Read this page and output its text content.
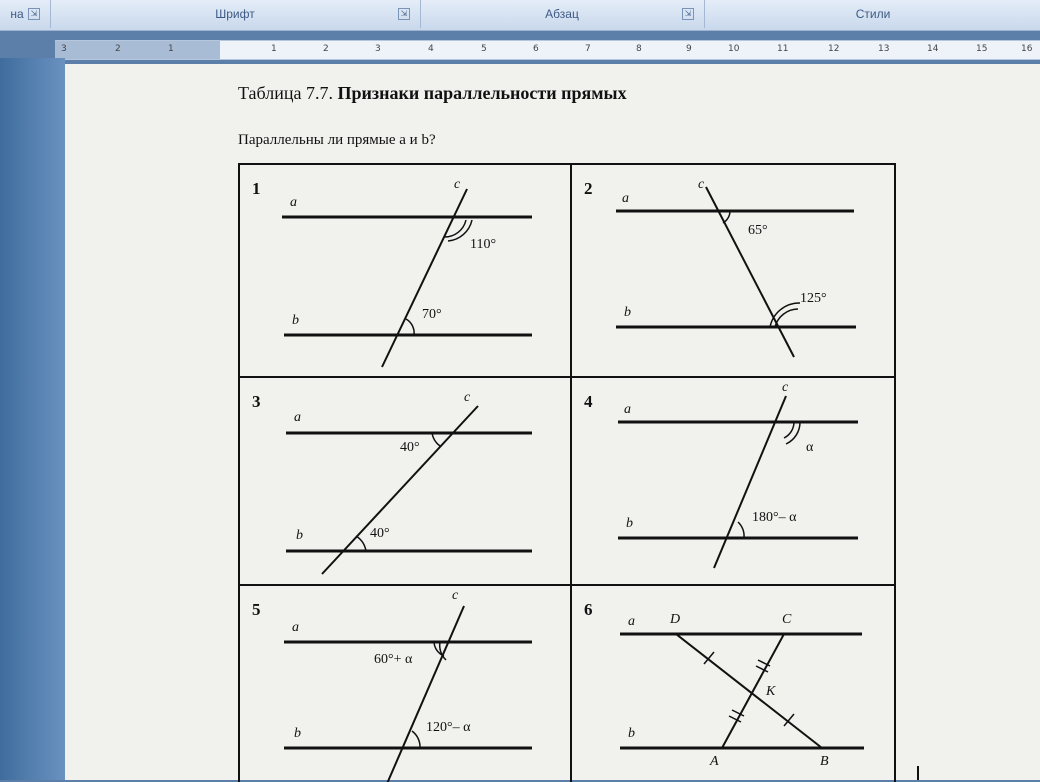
на ⇲	Шрифт	⇲	Абзац	⇲	Стили
3	2	1	1	2	3	4	5	6	7	8	9	10	11	12	13	14	15	16
Таблица 7.7. Признаки параллельности прямых
Параллельны ли прямые a и b?
1
a
b
c
110°
70°
2
a
b
c
65°
125°
3
a
b
c
40°
40°
4 a
b
c
α
180°– α
5
a
b
c
60°+ α
120°– α
6
a
b
D	C
K
A	B
